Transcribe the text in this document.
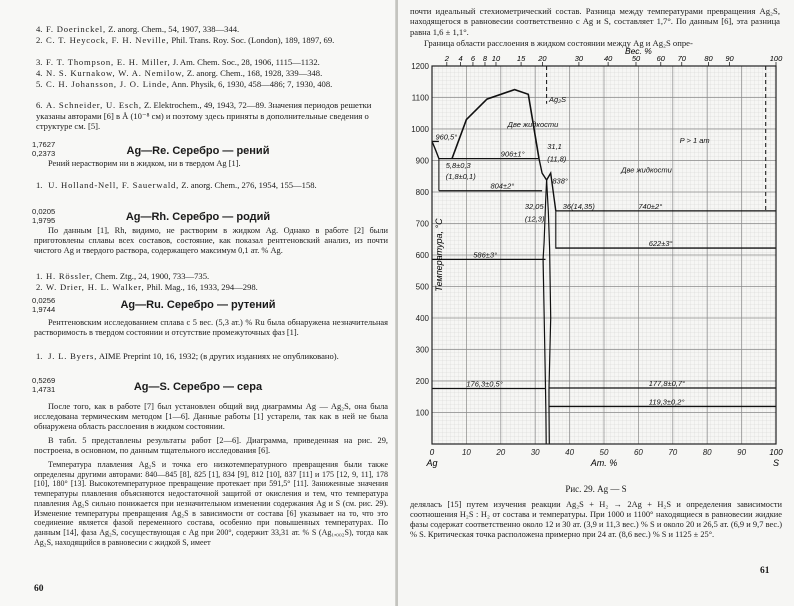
4. F. Doerinckel, Z. anorg. Chem., 54, 1907, 338—344.
2. C. T. Heycock, F. H. Neville, Phil. Trans. Roy. Soc. (London), 189, 1897, 69.
3. F. T. Thompson, E. H. Miller, J. Am. Chem. Soc., 28, 1906, 1115—1132.
4. N. S. Kurnakow, W. A. Nemilow, Z. anorg. Chem., 168, 1928, 339—348.
5. C. H. Johansson, J. O. Linde, Ann. Physik, 6, 1930, 458—486; 7, 1930, 408.
6. A. Schneider, U. Esch, Z. Elektrochem., 49, 1943, 72—89. Значения периодов решетки указаны авторами [6] в Å (10⁻⁸ см) и поэтому здесь приняты в дополнительные сведения о структуре см. [5].
1,7627
0,2373	Ag—Re. Серебро — рений
Рений нерастворим ни в жидком, ни в твердом Ag [1].
1. U. Holland-Nell, F. Sauerwald, Z. anorg. Chem., 276, 1954, 155—158.
0,0205
1,9795	Ag—Rh. Серебро — родий
По данным [1], Rh, видимо, не растворим в жидком Ag. Однако в работе [2] были приготовлены сплавы всех составов, состояние, как показал рентгеновский анализ, из почти чистого Ag и твердого раствора, содержащего максимум 0,1 ат. % Ag.
1. H. Rössler, Chem. Ztg., 24, 1900, 733—735.
2. W. Drier, H. L. Walker, Phil. Mag., 16, 1933, 294—298.
0,0256
1,9744	Ag—Ru. Серебро — рутений
Рентгеновским исследованием сплава с 5 вес. (5,3 ат.) % Ru была обнаружена незначительная растворимость в твердом состоянии и отсутствие промежуточных фаз [1].
1. J. L. Byers, AIME Preprint 10, 16, 1932; (в других изданиях не опубликовано).
0,5269
1,4731	Ag—S. Серебро — сера
После того, как в работе [7] был установлен общий вид диаграммы Ag — Ag₂S, она была исследована термическим методом [1—6]. Данные работы [1] устарели, так как в ней не была обнаружена область расслоения в жидком состоянии.
В табл. 5 представлены результаты работ [2—6]. Диаграмма, приведенная на рис. 29, построена, в основном, по данным тщательного исследования [6].
Температура плавления Ag₂S и точка его низкотемпературного превращения были также определены другими авторами: 840—845 [8], 825 [1], 834 [9], 812 [10], 837 [11] и 175 [12, 9, 11], 178 [10], 180° [13]. Высокотемпературное превращение протекает при 591,5° [11]. Заниженные значения температуры плавления объясняются недостаточной защитой от окисления и тем, что температура плавления Ag₂S сильно понижается при незначительном изменении содержания Ag и S (см. рис. 29). Изменение температуры превращения Ag₂S в зависимости от состава [6] указывает на то, что это соединение является фазой переменного состава, особенно при повышенных температурах. По данным [14], фаза Ag₂S, сосуществующая с Ag при 200°, содержит 33,31 ат. % S (Ag₁,₀₀₂S), тогда как Ag₂S, находящийся в равновесии с жидкой S, имеет
60
почти идеальный стехиометрический состав. Разница между температурами превращения Ag₂S, находящегося в равновесии соответственно с Ag и S, составляет 1,7°. По данным [6], эта разница равна 1,6 ± 1,1°.
Граница области расслоения в жидком состоянии между Ag и Ag₂S опре-
960,5°
Две жидкости
906±1°
31,1
(11,8)
5,8±0,3
(1,8±0,1)
804±2°
838°
32,05
(12,3)
36(14,35)
Ag₂S
Две жидкости
P > 1 ат
740±2°
622±3°
586±3°
176,3±0,5°	177,8±0,7°
119,3±0,2°
100
200
300
400
500
600
700
800
900
1000
1100
1200
10	20	30	40	50	60	70	80	90
0
Ag	S
100
Ат. %
Температура, °С
2 4 6 8 10 15 20	30	40	50 60 70 80 90	100
Вес. %
Рис. 29. Ag — S
деляласъ [15] путем изучения реакции Ag₂S + H₂ → 2Ag + H₂S и определения зависимости соотношения H₂S : H₂ от состава и температуры. При 1000 и 1100° находящиеся в равновесии жидкие фазы содержат соответственно около 12 и 30 ат. (3,9 и 11,3 вес.) % S и около 20 и 26,5 ат. (6,9 и 9,7 вес.) % S. Критическая точка расположена примерно при 24 ат. (8,6 вес.) % S и 1125 ± 25°.
61
